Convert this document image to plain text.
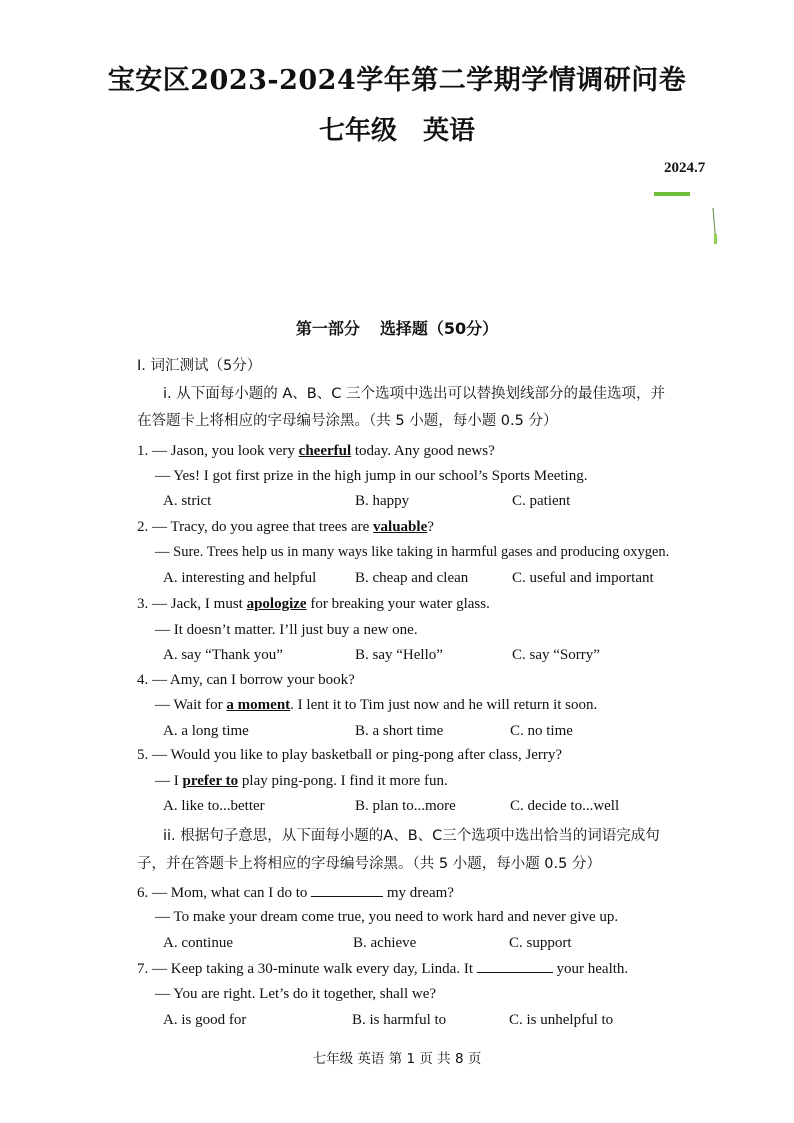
宝安区2023-2024学年第二学期学情调研问卷
七年级 英语
2024.7
第一部分 选择题（50分）
I. 词汇测试（5分）
i. 从下面每小题的 A、B、C 三个选项中选出可以替换划线部分的最佳选项，并
在答题卡上将相应的字母编号涂黑。（共 5 小题，每小题 0.5 分）
1. — Jason, you look very cheerful today. Any good news?
— Yes! I got first prize in the high jump in our school’s Sports Meeting.
A. strict	B. happy	C. patient
2. — Tracy, do you agree that trees are valuable?
— Sure. Trees help us in many ways like taking in harmful gases and producing oxygen.
A. interesting and helpful	B. cheap and clean	C. useful and important
3. — Jack, I must apologize for breaking your water glass.
— It doesn’t matter. I’ll just buy a new one.
A. say “Thank you”	B. say “Hello”	C. say “Sorry”
4. — Amy, can I borrow your book?
— Wait for a moment. I lent it to Tim just now and he will return it soon.
A. a long time	B. a short time	C. no time
5. — Would you like to play basketball or ping-pong after class, Jerry?
— I prefer to play ping-pong. I find it more fun.
A. like to...better	B. plan to...more	C. decide to...well
ii. 根据句子意思，从下面每小题的A、B、C三个选项中选出恰当的词语完成句
子，并在答题卡上将相应的字母编号涂黑。（共 5 小题，每小题 0.5 分）
6. — Mom, what can I do to	my dream?
— To make your dream come true, you need to work hard and never give up.
A. continue	B. achieve	C. support
7. — Keep taking a 30-minute walk every day, Linda. It	your health.
— You are right. Let’s do it together, shall we?
A. is good for	B. is harmful to	C. is unhelpful to
七年级 英语 第 1 页 共 8 页
